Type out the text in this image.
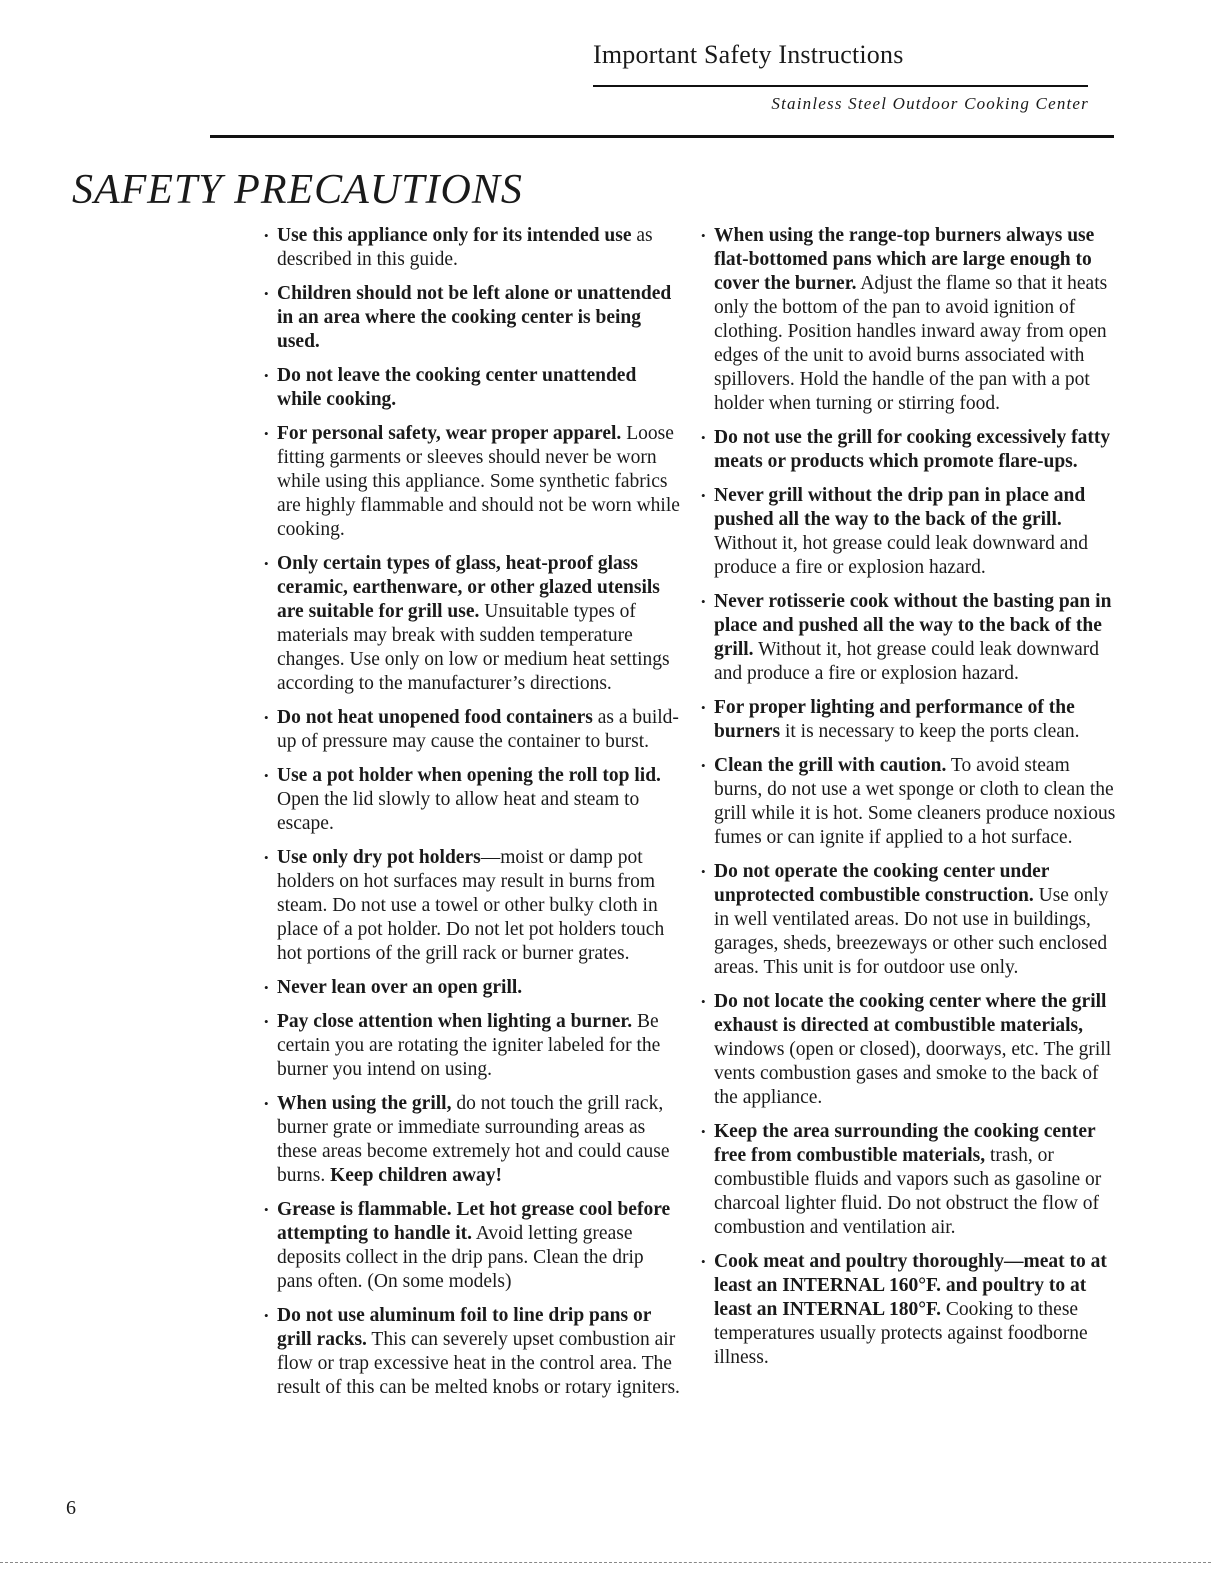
Important Safety Instructions
Stainless Steel Outdoor Cooking Center
SAFETY PRECAUTIONS
• Use this appliance only for its intended use as described in this guide.
• Children should not be left alone or unattended in an area where the cooking center is being used.
• Do not leave the cooking center unattended while cooking.
• For personal safety, wear proper apparel. Loose fitting garments or sleeves should never be worn while using this appliance. Some synthetic fabrics are highly flammable and should not be worn while cooking.
• Only certain types of glass, heat-proof glass ceramic, earthenware, or other glazed utensils are suitable for grill use. Unsuitable types of materials may break with sudden temperature changes. Use only on low or medium heat settings according to the manufacturer’s directions.
• Do not heat unopened food containers as a build-up of pressure may cause the container to burst.
• Use a pot holder when opening the roll top lid. Open the lid slowly to allow heat and steam to escape.
• Use only dry pot holders—moist or damp pot holders on hot surfaces may result in burns from steam. Do not use a towel or other bulky cloth in place of a pot holder. Do not let pot holders touch hot portions of the grill rack or burner grates.
• Never lean over an open grill.
• Pay close attention when lighting a burner. Be certain you are rotating the igniter labeled for the burner you intend on using.
• When using the grill, do not touch the grill rack, burner grate or immediate surrounding areas as these areas become extremely hot and could cause burns. Keep children away!
• Grease is flammable. Let hot grease cool before attempting to handle it. Avoid letting grease deposits collect in the drip pans. Clean the drip pans often. (On some models)
• Do not use aluminum foil to line drip pans or grill racks. This can severely upset combustion air flow or trap excessive heat in the control area. The result of this can be melted knobs or rotary igniters.
• When using the range-top burners always use flat-bottomed pans which are large enough to cover the burner. Adjust the flame so that it heats only the bottom of the pan to avoid ignition of clothing. Position handles inward away from open edges of the unit to avoid burns associated with spillovers. Hold the handle of the pan with a pot holder when turning or stirring food.
• Do not use the grill for cooking excessively fatty meats or products which promote flare-ups.
• Never grill without the drip pan in place and pushed all the way to the back of the grill. Without it, hot grease could leak downward and produce a fire or explosion hazard.
• Never rotisserie cook without the basting pan in place and pushed all the way to the back of the grill. Without it, hot grease could leak downward and produce a fire or explosion hazard.
• For proper lighting and performance of the burners it is necessary to keep the ports clean.
• Clean the grill with caution. To avoid steam burns, do not use a wet sponge or cloth to clean the grill while it is hot. Some cleaners produce noxious fumes or can ignite if applied to a hot surface.
• Do not operate the cooking center under unprotected combustible construction. Use only in well ventilated areas. Do not use in buildings, garages, sheds, breezeways or other such enclosed areas. This unit is for outdoor use only.
• Do not locate the cooking center where the grill exhaust is directed at combustible materials, windows (open or closed), doorways, etc. The grill vents combustion gases and smoke to the back of the appliance.
• Keep the area surrounding the cooking center free from combustible materials, trash, or combustible fluids and vapors such as gasoline or charcoal lighter fluid. Do not obstruct the flow of combustion and ventilation air.
• Cook meat and poultry thoroughly—meat to at least an INTERNAL 160°F. and poultry to at least an INTERNAL 180°F. Cooking to these temperatures usually protects against foodborne illness.
6
